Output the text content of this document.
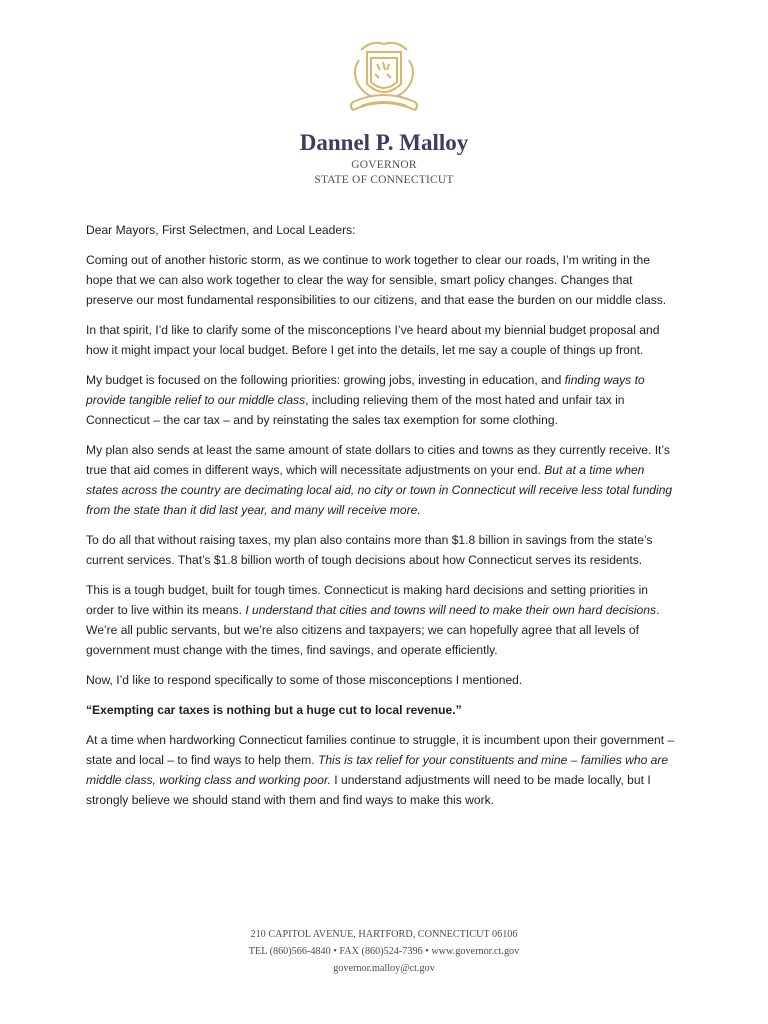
Dannel P. Malloy
GOVERNOR
STATE OF CONNECTICUT

Dear Mayors, First Selectmen, and Local Leaders:

Coming out of another historic storm, as we continue to work together to clear our roads, I’m writing in the hope that we can also work together to clear the way for sensible, smart policy changes. Changes that preserve our most fundamental responsibilities to our citizens, and that ease the burden on our middle class.

In that spirit, I’d like to clarify some of the misconceptions I’ve heard about my biennial budget proposal and how it might impact your local budget. Before I get into the details, let me say a couple of things up front.

My budget is focused on the following priorities: growing jobs, investing in education, and finding ways to provide tangible relief to our middle class, including relieving them of the most hated and unfair tax in Connecticut – the car tax – and by reinstating the sales tax exemption for some clothing.

My plan also sends at least the same amount of state dollars to cities and towns as they currently receive. It’s true that aid comes in different ways, which will necessitate adjustments on your end. But at a time when states across the country are decimating local aid, no city or town in Connecticut will receive less total funding from the state than it did last year, and many will receive more.

To do all that without raising taxes, my plan also contains more than $1.8 billion in savings from the state’s current services. That’s $1.8 billion worth of tough decisions about how Connecticut serves its residents.

This is a tough budget, built for tough times. Connecticut is making hard decisions and setting priorities in order to live within its means. I understand that cities and towns will need to make their own hard decisions. We’re all public servants, but we’re also citizens and taxpayers; we can hopefully agree that all levels of government must change with the times, find savings, and operate efficiently.

Now, I’d like to respond specifically to some of those misconceptions I mentioned.

“Exempting car taxes is nothing but a huge cut to local revenue.”

At a time when hardworking Connecticut families continue to struggle, it is incumbent upon their government – state and local – to find ways to help them. This is tax relief for your constituents and mine – families who are middle class, working class and working poor. I understand adjustments will need to be made locally, but I strongly believe we should stand with them and find ways to make this work.

210 CAPITOL AVENUE, HARTFORD, CONNECTICUT 06106
TEL (860)566-4840 • FAX (860)524-7396 • www.governor.ct.gov
governor.malloy@ct.gov
